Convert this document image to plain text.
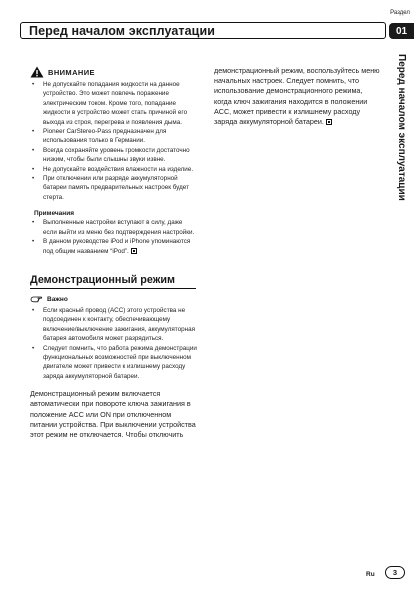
Раздел
Перед началом эксплуатации	01
Перед началом эксплуатации
ВНИМАНИЕ
• Не допускайте попадания жидкости на данное устройство. Это может повлечь поражение электрическим током. Кроме того, попадание жидкости в устройство может стать причиной его выхода из строя, перегрева и появления дыма.
• Pioneer CarStereo-Pass предназначен для использования только в Германии.
• Всегда сохраняйте уровень громкости достаточно низким, чтобы были слышны звуки извне.
• Не допускайте воздействия влажности на изделие.
• При отключении или разряде аккумуляторной батареи память предварительных настроек будет стерта.
Примечания
• Выполненные настройки вступают в силу, даже если выйти из меню без подтверждения настройки.
• В данном руководстве iPod и iPhone упоминаются под общим названием “iPod”.
Демонстрационный режим
Важно
• Если красный провод (ACC) этого устройства не подсоединен к контакту, обеспечивающему включение/выключение зажигания, аккумуляторная батарея автомобиля может разрядиться.
• Следует помнить, что работа режима демонстрации функциональных возможностей при выключенном двигателе может привести к излишнему расходу заряда аккумуляторной батареи.

Демонстрационный режим включается автоматически при повороте ключа зажигания в положение ACC или ON при отключенном питании устройства. При выключении устройства этот режим не отключается. Чтобы отключить

демонстрационный режим, воспользуйтесь меню начальных настроек. Следует помнить, что использование демонстрационного режима, когда ключ зажигания находится в положении ACC, может привести к излишнему расходу заряда аккумуляторной батареи.

Ru	3
